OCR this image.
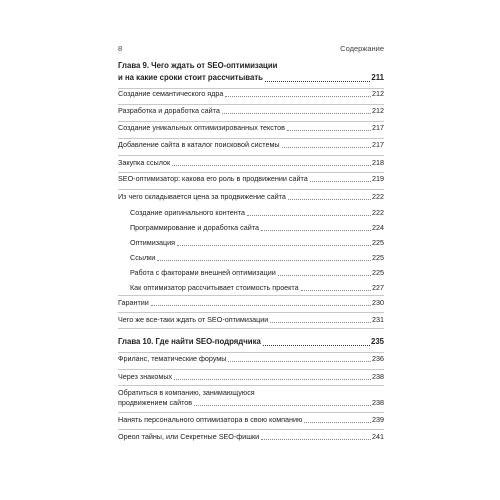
8	Содержание
Глава 9. Чего ждать от SEO-оптимизации
и на какие сроки стоит рассчитывать	211
Создание семантического ядра	212
Разработка и доработка сайта	212
Создание уникальных оптимизированных текстов	217
Добавление сайта в каталог поисковой системы	217
Закупка ссылок	218
SEO-оптимизатор: какова его роль в продвижении сайта	219
Из чего складывается цена за продвижение сайта	222
Создание оригинального контента	222
Программирование и доработка сайта	224
Оптимизация	225
Ссылки	225
Работа с факторами внешней оптимизации	225
Как оптимизатор рассчитывает стоимость проекта	227
Гарантии	230
Чего же все-таки ждать от SEO-оптимизации	231
Глава 10. Где найти SEO-подрядчика	235
Фриланс, тематические форумы	236
Через знакомых	238
Обратиться в компанию, занимающуюся
продвижением сайтов	238
Нанять персонального оптимизатора в свою компанию	239
Ореол тайны, или Секретные SEO-фишки	241
